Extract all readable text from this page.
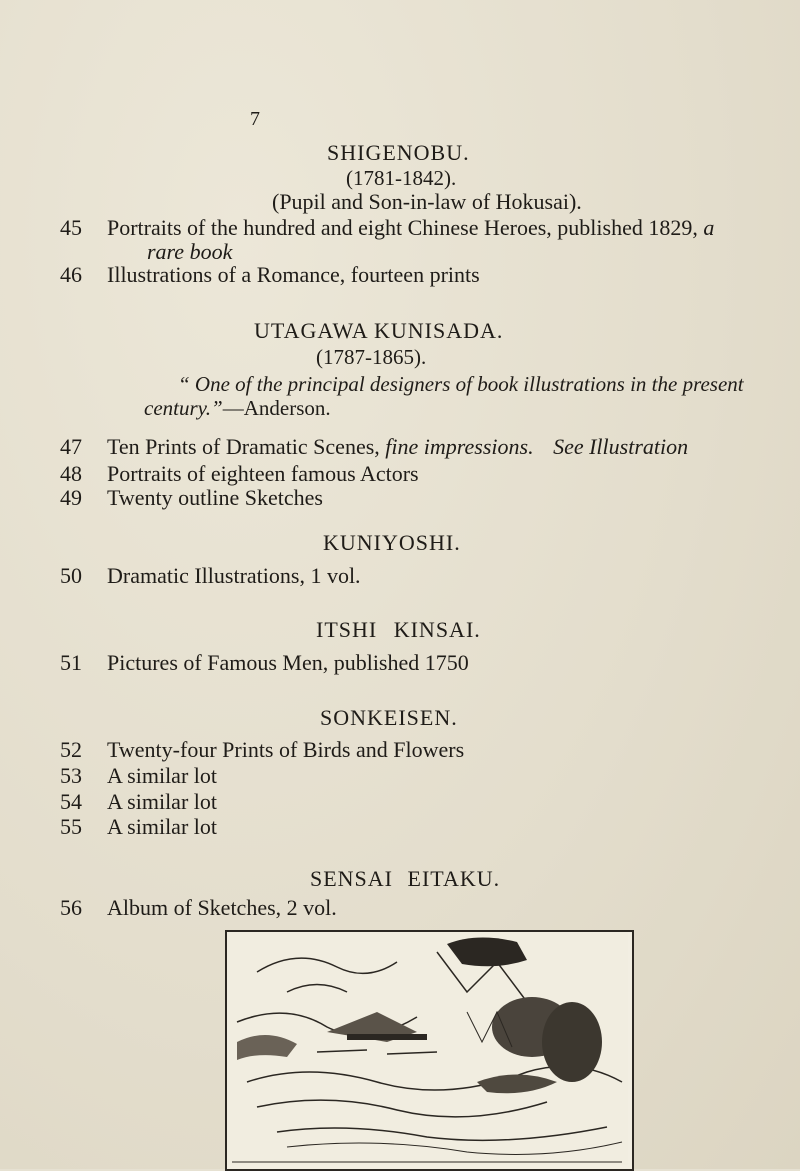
7
SHIGENOBU.
(1781-1842).
(Pupil and Son-in-law of Hokusai).
45	Portraits of the hundred and eight Chinese Heroes, published 1829, a
rare book
46	Illustrations of a Romance, fourteen prints
UTAGAWA KUNISADA.
(1787-1865).
“ One of the principal designers of book illustrations in the present
century.”—Anderson.
47	Ten Prints of Dramatic Scenes, fine impressions. See Illustration
48	Portraits of eighteen famous Actors
49	Twenty outline Sketches
KUNIYOSHI.
50	Dramatic Illustrations, 1 vol.
ITSHI KINSAI.
51	Pictures of Famous Men, published 1750
SONKEISEN.
52	Twenty-four Prints of Birds and Flowers
53	A similar lot
54	A similar lot
55	A similar lot
SENSAI EITAKU.
56	Album of Sketches, 2 vol.
